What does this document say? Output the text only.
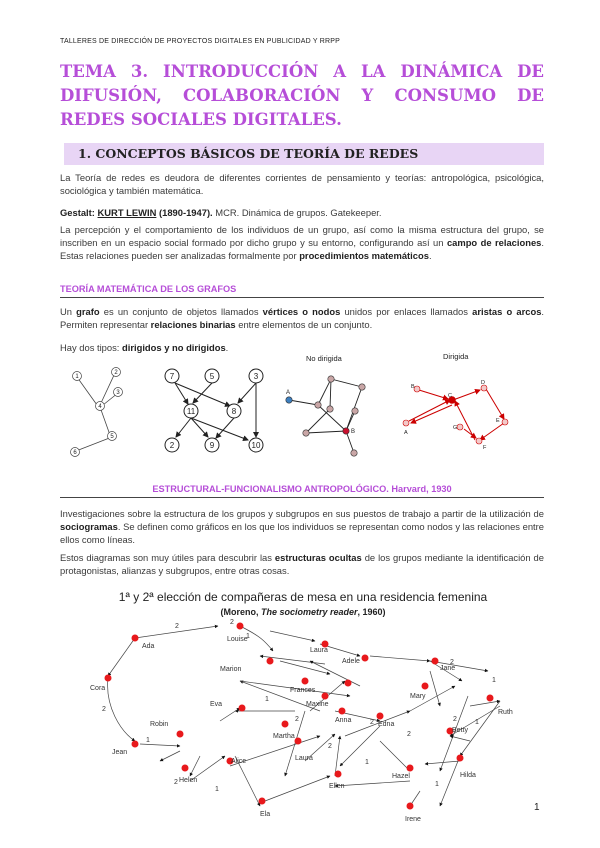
TALLERES DE DIRECCIÓN DE PROYECTOS DIGITALES EN PUBLICIDAD Y RRPP
TEMA 3. INTRODUCCIÓN A LA DINÁMICA DE DIFUSIÓN, COLABORACIÓN Y CONSUMO DE REDES SOCIALES DIGITALES.
1. CONCEPTOS BÁSICOS DE TEORÍA DE REDES
La Teoría de redes es deudora de diferentes corrientes de pensamiento y teorías: antropológica, psicológica, sociológica y también matemática.
Gestalt: KURT LEWIN (1890-1947). MCR. Dinámica de grupos. Gatekeeper.
La percepción y el comportamiento de los individuos de un grupo, así como la misma estructura del grupo, se inscriben en un espacio social formado por dicho grupo y su entorno, configurando así un campo de relaciones. Estas relaciones pueden ser analizadas formalmente por procedimientos matemáticos.
TEORÍA MATEMÁTICA DE LOS GRAFOS
Un grafo es un conjunto de objetos llamados vértices o nodos unidos por enlaces llamados aristas o arcos. Permiten representar relaciones binarias entre elementos de un conjunto.
Hay dos tipos: dirigidos y no dirigidos.
1
2
3
4
5
6
7	5	3
11	8
2	9	10
No dirigida
A
B
Dirigida
A
B
C
D
E
F
G
ESTRUCTURAL-FUNCIONALISMO ANTROPOLÓGICO. Harvard, 1930
Investigaciones sobre la estructura de los grupos y subgrupos en sus puestos de trabajo a partir de la utilización de sociogramas. Se definen como gráficos en los que los individuos se representan como nodos y las relaciones entre ellos como líneas.
Estos diagramas son muy útiles para descubrir las estructuras ocultas de los grupos mediante la identificación de protagonistas, alianzas y subgrupos, entre otras cosas.
1ª y 2ª elección de compañeras de mesa en una residencia femenina
(Moreno, The sociometry reader, 1960)
2
1
2
1
2
1
2
1
2
1
2	1
2
1
2
2
1
2
Ada
Louise
Laura
Adele
Jane
Marion
Frances
Mary
Cora
Robin
Eva	Maxine
Anna
Edna
Betty
Ruth
Jean
Martha
Alice	Laura
Hazel	Hilda
Helen
Ellen
Ela
Irene
1
